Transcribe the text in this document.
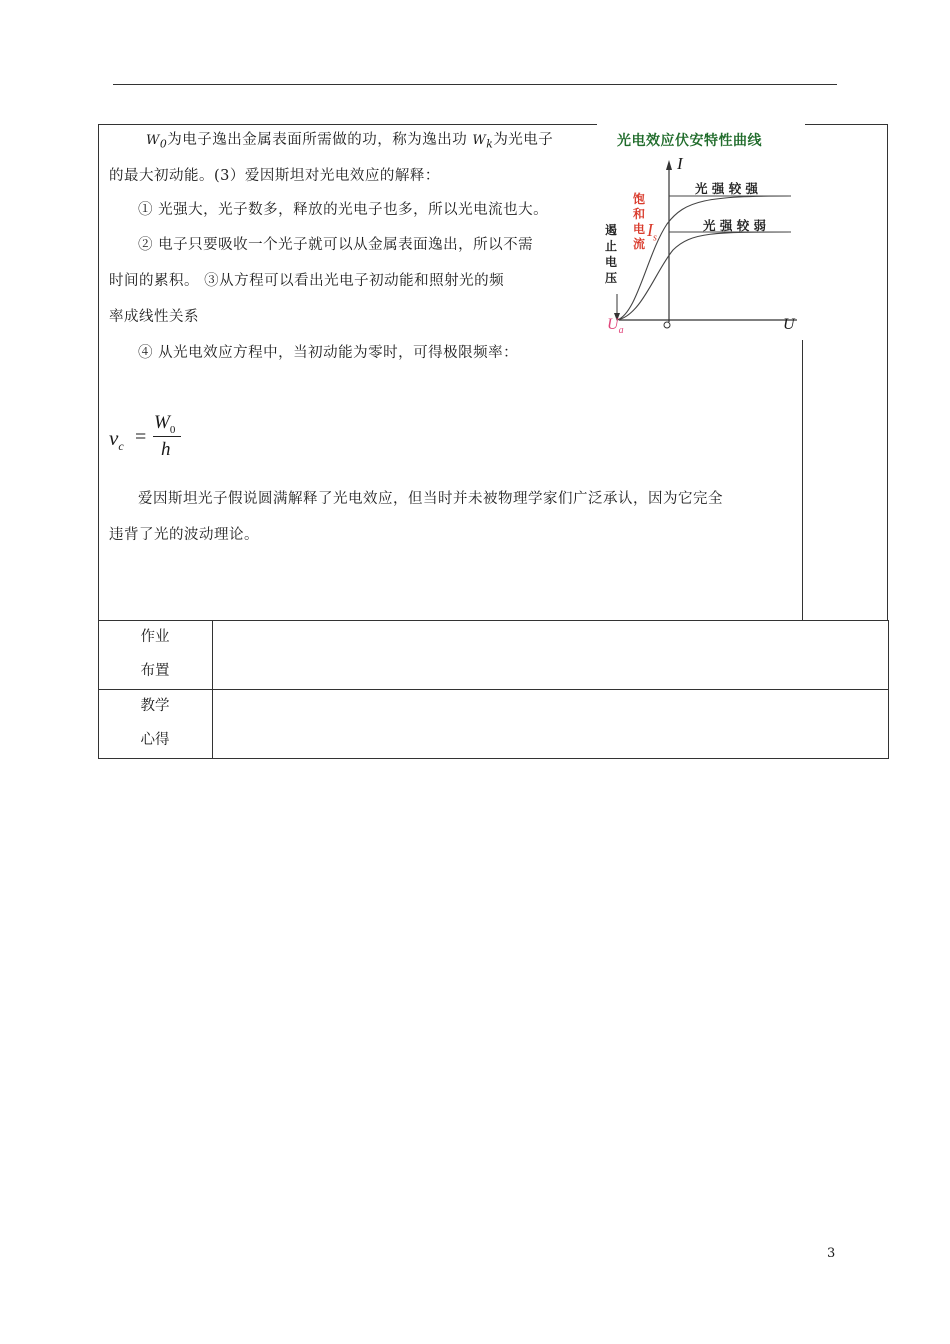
$W_0$为电子逸出金属表面所需做的功，称为逸出功 $W_k$为光电子

的最大初动能。(3）爱因斯坦对光电效应的解释：

① 光强大，光子数多，释放的光电子也多，所以光电流也大。

② 电子只要吸收一个光子就可以从金属表面逸出，所以不需

时间的累积。 ③从方程可以看出光电子初动能和照射光的频

率成线性关系

④ 从光电效应方程中，当初动能为零时，可得极限频率：

$\nu_c$ =
$W_0$
h

爱因斯坦光子假说圆满解释了光电效应，但当时并未被物理学家们广泛承认，因为它完全

违背了光的波动理论。

光电效应伏安特性曲线
I
U
光 强 较 强
光 强 较 弱
饱
和
电
流
$I_s$
遏
止
电
压
$U_a$
作业
布置
教学
心得
3
